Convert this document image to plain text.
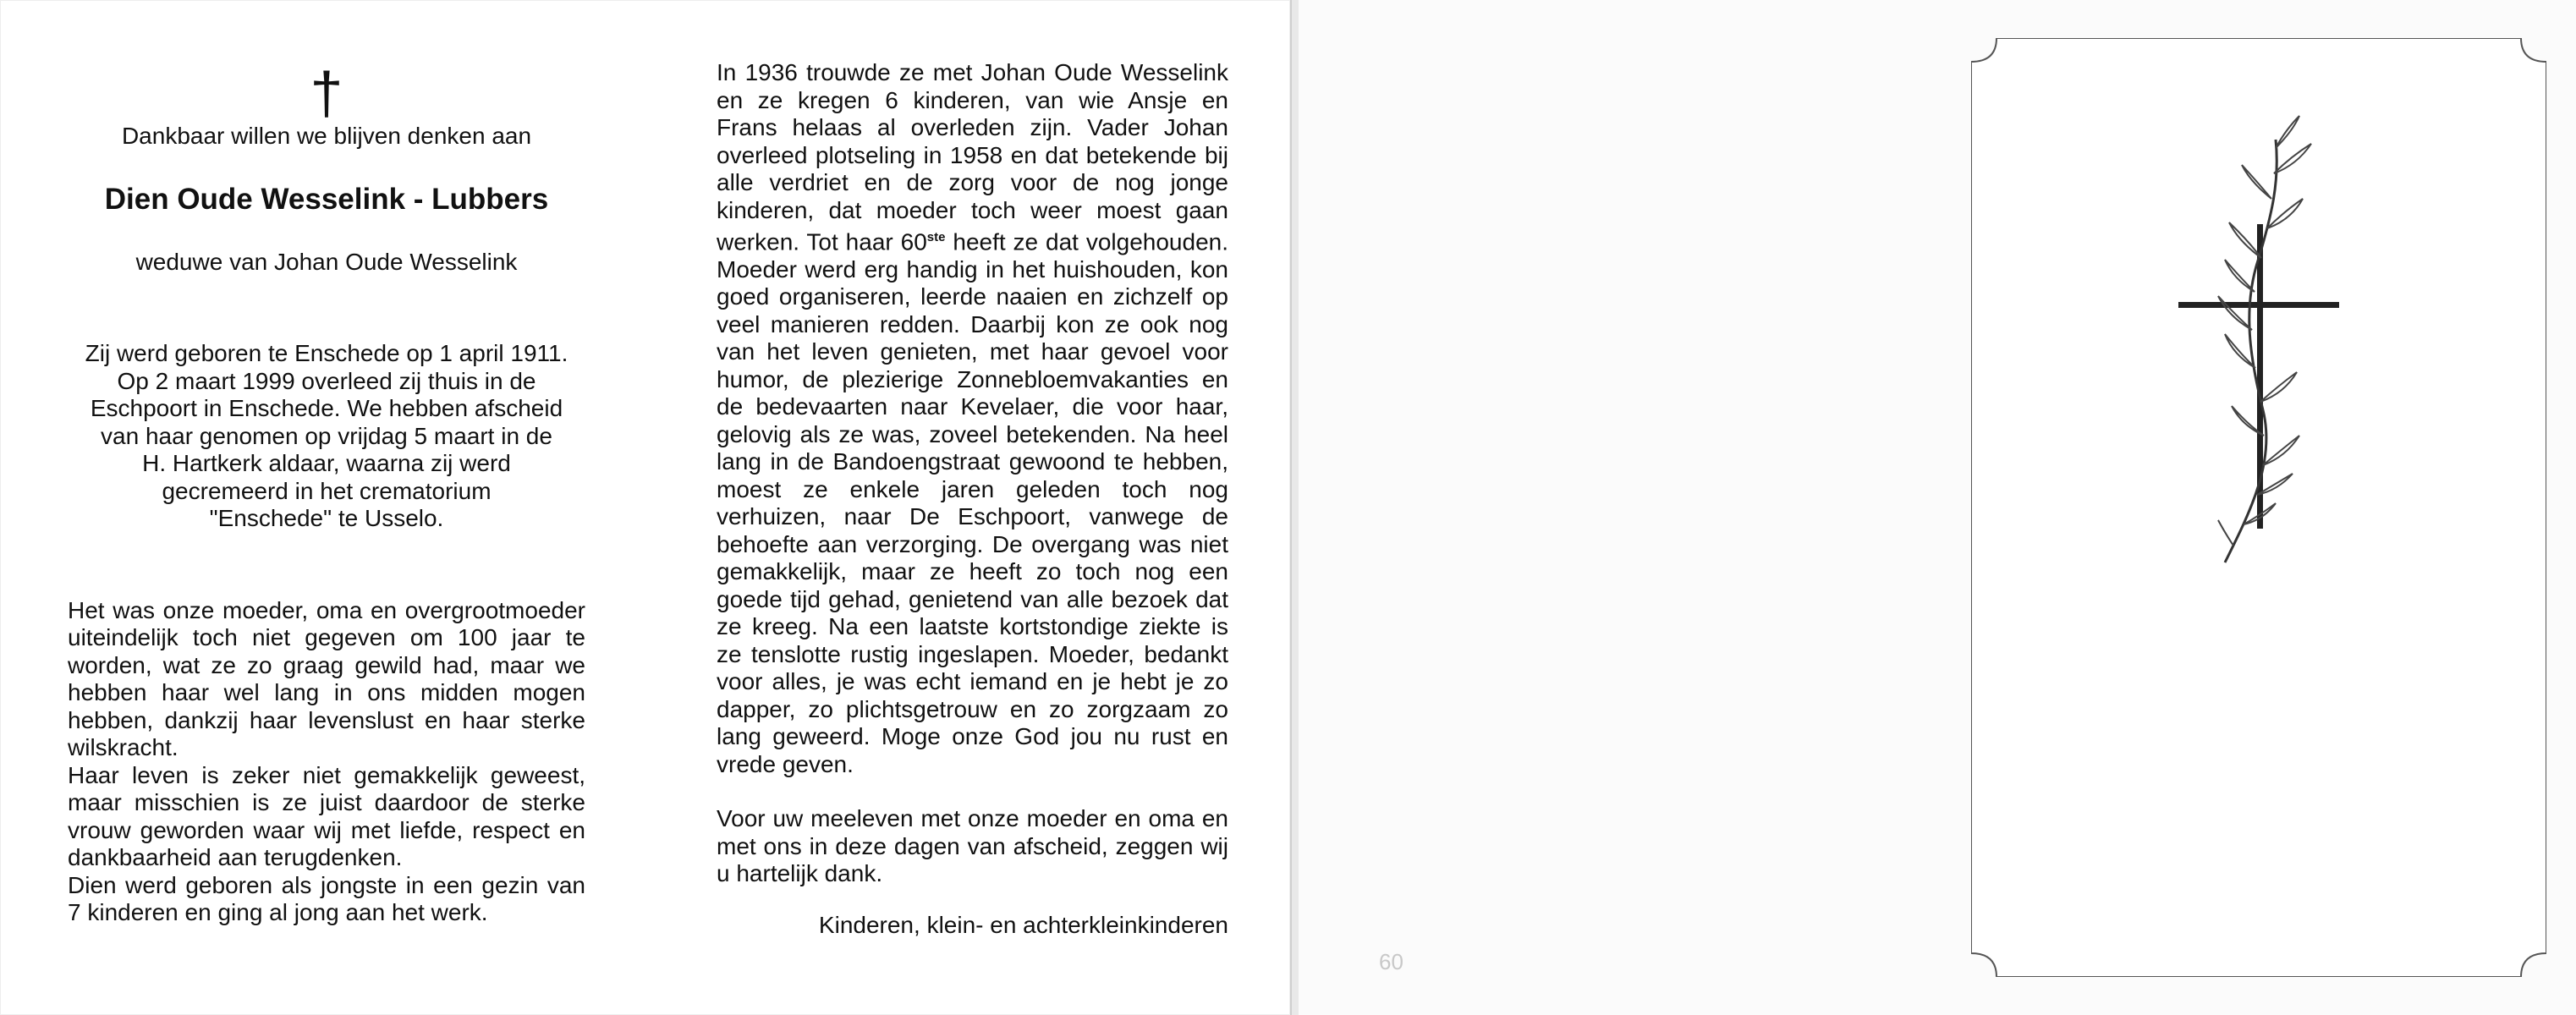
†

Dankbaar willen we blijven denken aan

Dien Oude Wesselink - Lubbers

weduwe van Johan Oude Wesselink

Zij werd geboren te Enschede op 1 april 1911.
Op 2 maart 1999 overleed zij thuis in de
Eschpoort in Enschede. We hebben afscheid
van haar genomen op vrijdag 5 maart in de
H. Hartkerk aldaar, waarna zij werd
gecremeerd in het crematorium
"Enschede" te Usselo.

Het was onze moeder, oma en overgrootmoeder uiteindelijk toch niet gegeven om 100 jaar te worden, wat ze zo graag gewild had, maar we hebben haar wel lang in ons midden mogen hebben, dankzij haar levenslust en haar sterke wilskracht.

Haar leven is zeker niet gemakkelijk geweest, maar misschien is ze juist daardoor de sterke vrouw geworden waar wij met liefde, respect en dankbaarheid aan terugdenken.

Dien werd geboren als jongste in een gezin van 7 kinderen en ging al jong aan het werk.

In 1936 trouwde ze met Johan Oude Wesselink en ze kregen 6 kinderen, van wie Ansje en Frans helaas al overleden zijn. Vader Johan overleed plotseling in 1958 en dat betekende bij alle verdriet en de zorg voor de nog jonge kinderen, dat moeder toch weer moest gaan werken. Tot haar 60ste heeft ze dat volgehouden. Moeder werd erg handig in het huishouden, kon goed organiseren, leerde naaien en zichzelf op veel manieren redden. Daarbij kon ze ook nog van het leven genieten, met haar gevoel voor humor, de plezierige Zonnebloemvakanties en de bedevaarten naar Kevelaer, die voor haar, gelovig als ze was, zoveel betekenden. Na heel lang in de Bandoengstraat gewoond te hebben, moest ze enkele jaren geleden toch nog verhuizen, naar De Eschpoort, vanwege de behoefte aan verzorging. De overgang was niet gemakkelijk, maar ze heeft zo toch nog een goede tijd gehad, genietend van alle bezoek dat ze kreeg. Na een laatste kortstondige ziekte is ze tenslotte rustig ingeslapen. Moeder, bedankt voor alles, je was echt iemand en je hebt je zo dapper, zo plichtsgetrouw en zo zorgzaam zo lang geweerd. Moge onze God jou nu rust en vrede geven.

Voor uw meeleven met onze moeder en oma en met ons in deze dagen van afscheid, zeggen wij u hartelijk dank.

Kinderen, klein- en achterkleinkinderen

60
